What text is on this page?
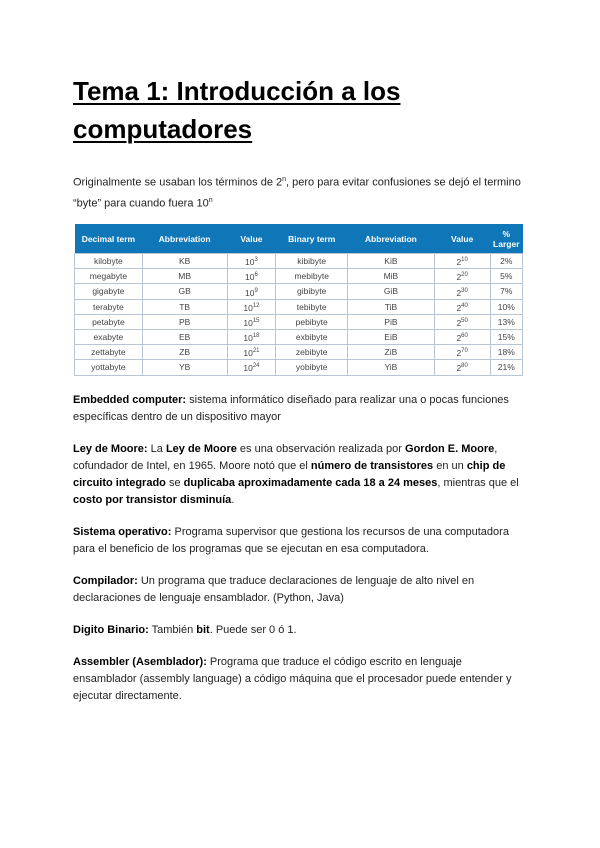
Tema 1: Introducción a los computadores

Originalmente se usaban los términos de 2$^n$, pero para evitar confusiones se dejó el termino “byte” para cuando fuera 10$^n$

Decimal term	Abbreviation	Value	Binary term	Abbreviation	Value	% Larger
kilobyte	KB	$10^3$	kibibyte	KiB	$2^{10}$	2%
megabyte	MB	$10^6$	mebibyte	MiB	$2^{20}$	5%
gigabyte	GB	$10^9$	gibibyte	GiB	$2^{30}$	7%
terabyte	TB	$10^{12}$	tebibyte	TiB	$2^{40}$	10%
petabyte	PB	$10^{15}$	pebibyte	PiB	$2^{50}$	13%
exabyte	EB	$10^{18}$	exbibyte	EiB	$2^{60}$	15%
zettabyte	ZB	$10^{21}$	zebibyte	ZiB	$2^{70}$	18%
yottabyte	YB	$10^{24}$	yobibyte	YiB	$2^{80}$	21%

Embedded computer: sistema informático diseñado para realizar una o pocas funciones específicas dentro de un dispositivo mayor

Ley de Moore: La Ley de Moore es una observación realizada por Gordon E. Moore, cofundador de Intel, en 1965. Moore notó que el número de transistores en un chip de circuito integrado se duplicaba aproximadamente cada 18 a 24 meses, mientras que el costo por transistor disminuía.

Sistema operativo: Programa supervisor que gestiona los recursos de una computadora para el beneficio de los programas que se ejecutan en esa computadora.

Compilador: Un programa que traduce declaraciones de lenguaje de alto nivel en declaraciones de lenguaje ensamblador. (Python, Java)

Digito Binario: También bit. Puede ser 0 ó 1.

Assembler (Asemblador): Programa que traduce el código escrito en lenguaje ensamblador (assembly language) a código máquina que el procesador puede entender y ejecutar directamente.
